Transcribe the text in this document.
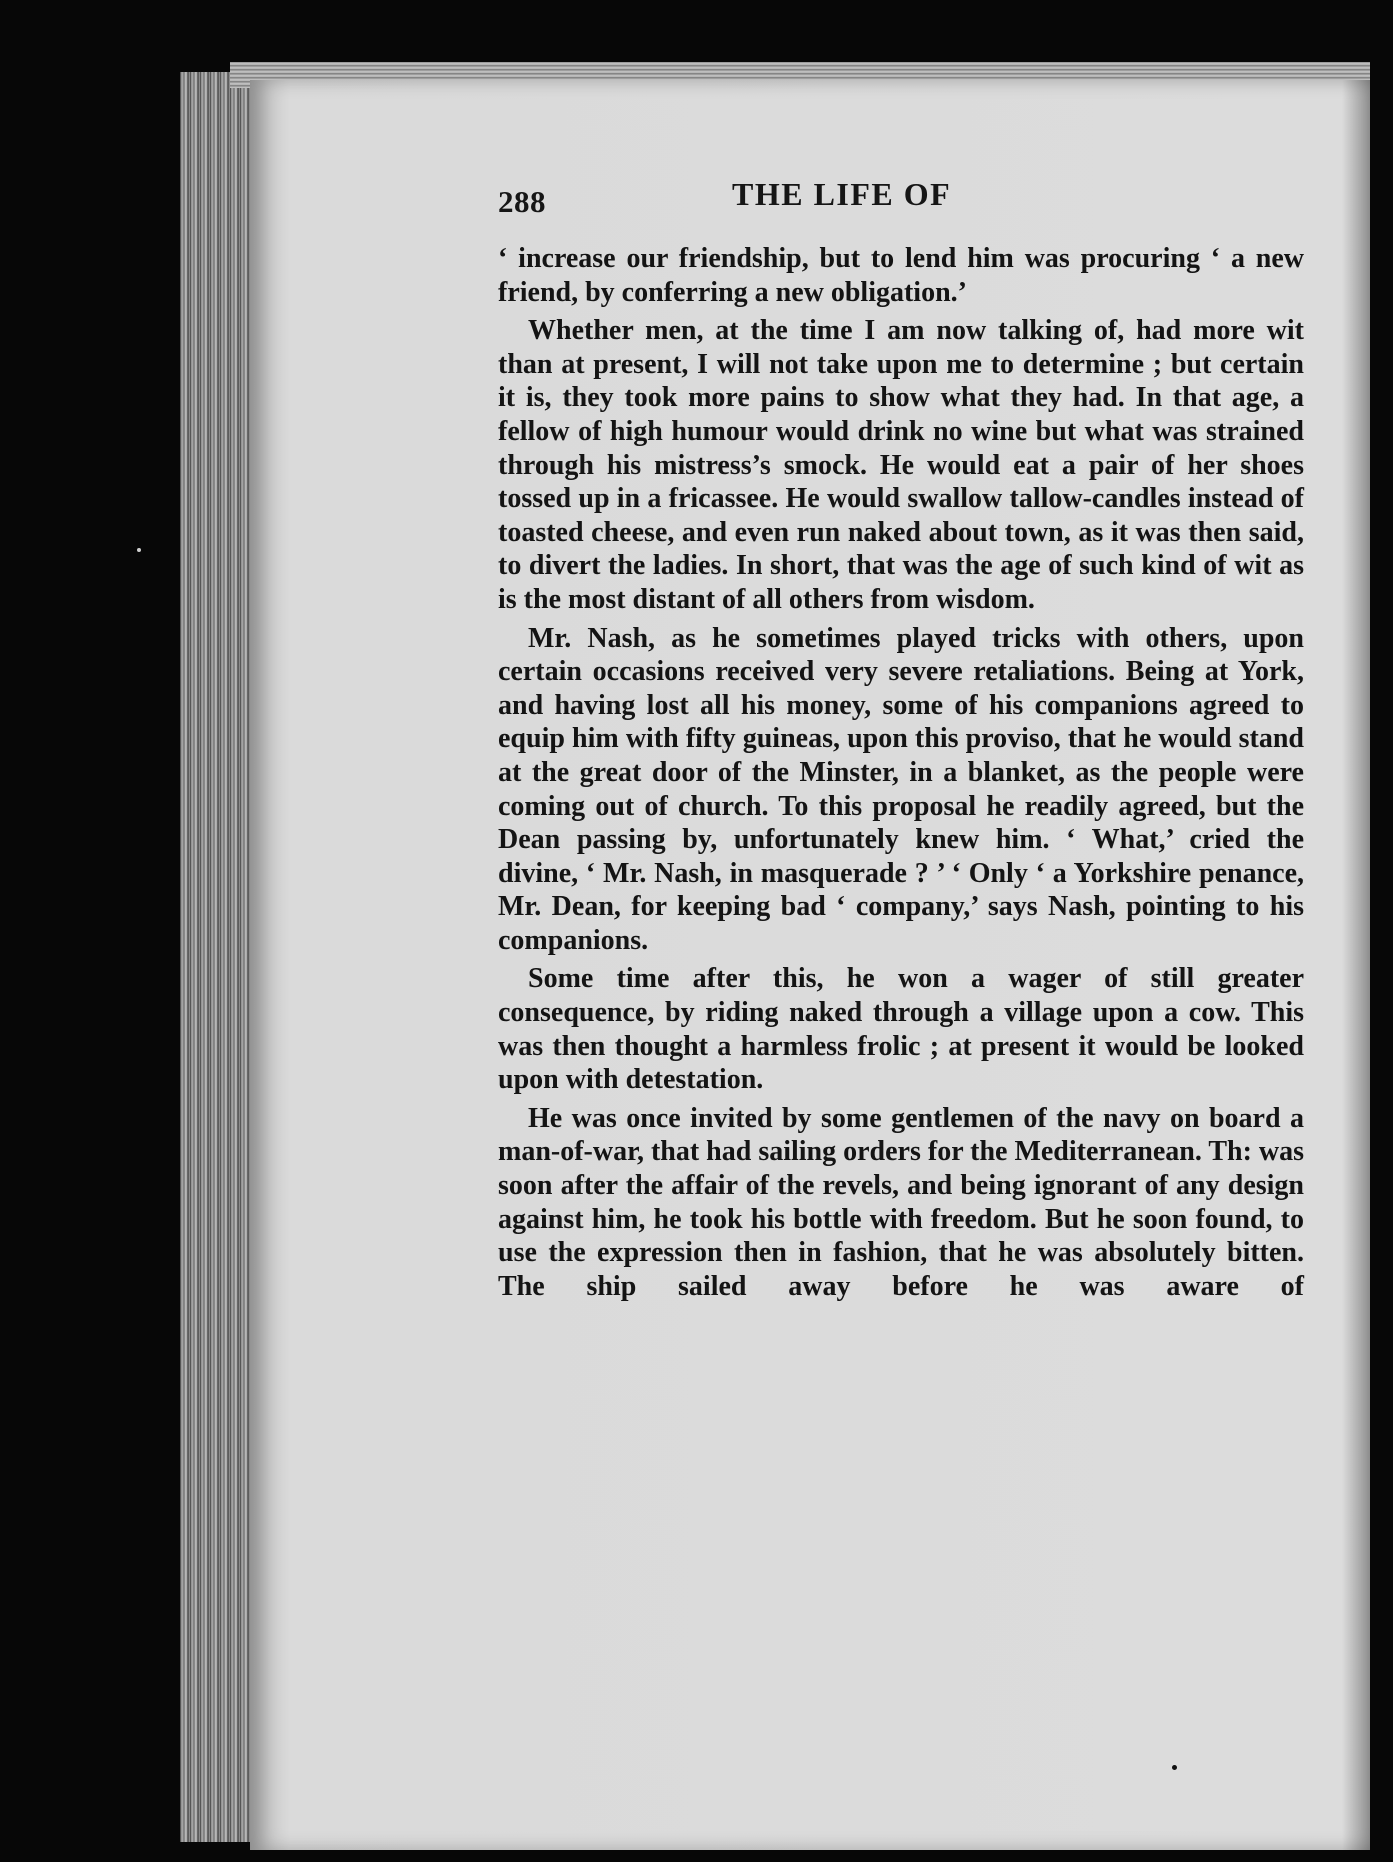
288	THE LIFE OF

‘ increase our friendship, but to lend him was procuring ‘ a new friend, by conferring a new obligation.’

Whether men, at the time I am now talking of, had more wit than at present, I will not take upon me to determine ; but certain it is, they took more pains to show what they had. In that age, a fellow of high humour would drink no wine but what was strained through his mistress’s smock. He would eat a pair of her shoes tossed up in a fricassee. He would swallow tallow-candles instead of toasted cheese, and even run naked about town, as it was then said, to divert the ladies. In short, that was the age of such kind of wit as is the most distant of all others from wisdom.

Mr. Nash, as he sometimes played tricks with others, upon certain occasions received very severe retaliations. Being at York, and having lost all his money, some of his companions agreed to equip him with fifty guineas, upon this proviso, that he would stand at the great door of the Minster, in a blanket, as the people were coming out of church. To this proposal he readily agreed, but the Dean passing by, unfortunately knew him. ‘ What,’ cried the divine, ‘ Mr. Nash, in masquerade ? ’ ‘ Only ‘ a Yorkshire penance, Mr. Dean, for keeping bad ‘ company,’ says Nash, pointing to his companions.

Some time after this, he won a wager of still greater consequence, by riding naked through a village upon a cow. This was then thought a harmless frolic ; at present it would be looked upon with detestation.

He was once invited by some gentlemen of the navy on board a man-of-war, that had sailing orders for the Mediterranean. Th: was soon after the affair of the revels, and being ignorant of any design against him, he took his bottle with freedom. But he soon found, to use the expression then in fashion, that he was absolutely bitten. The ship sailed away before he was aware of
